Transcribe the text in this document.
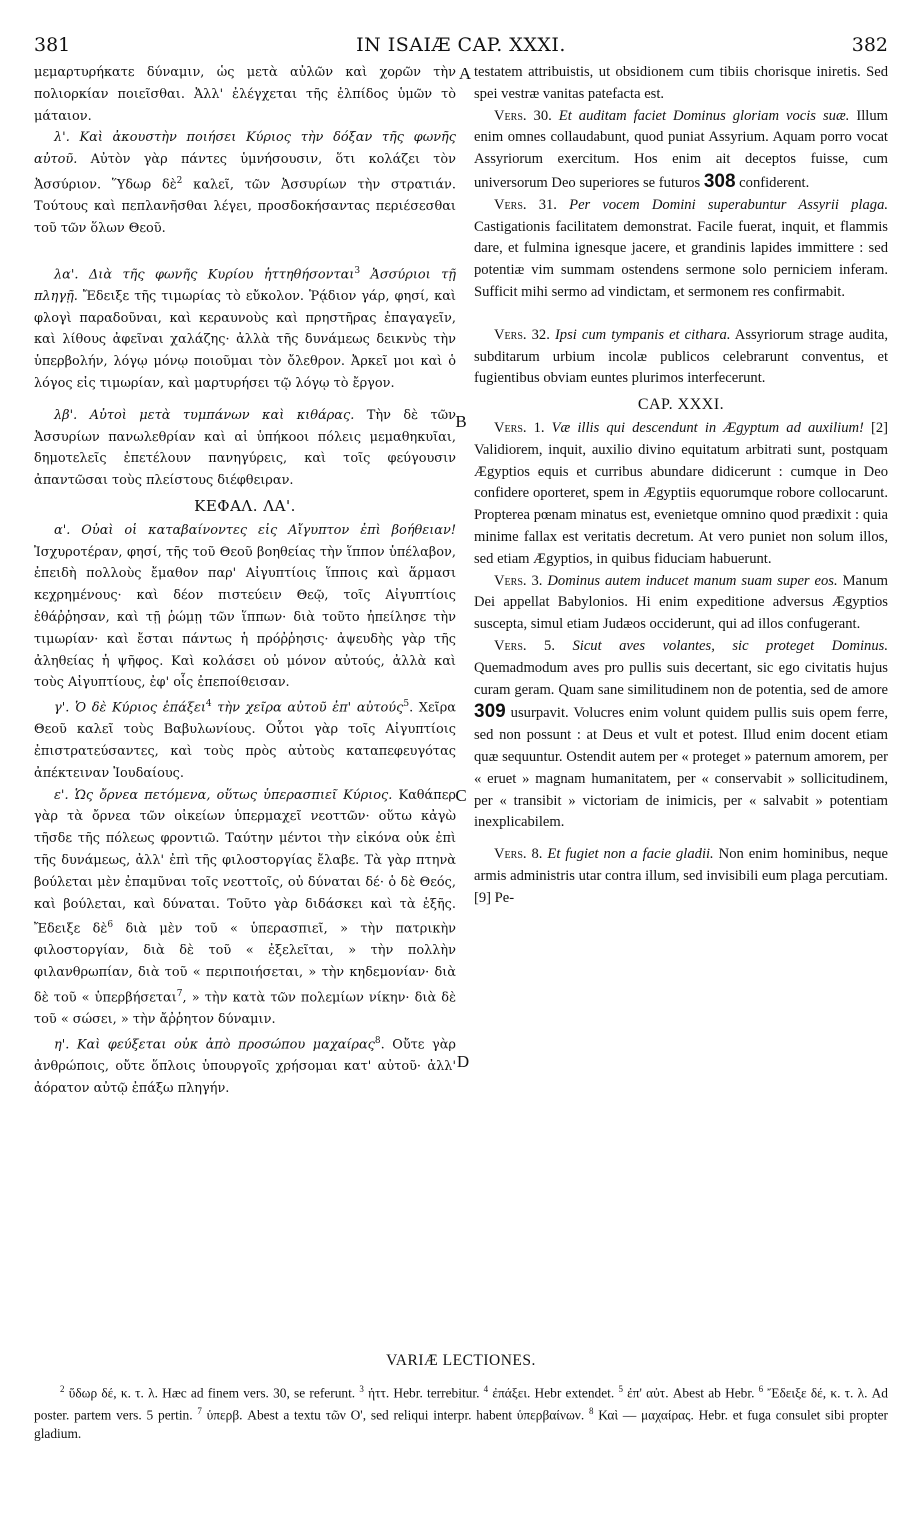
381	IN ISAIÆ CAP. XXXI.	382

μεμαρτυρήκατε δύναμιν, ὡς μετὰ αὐλῶν καὶ χορῶν τὴν πολιορκίαν ποιεῖσθαι. Ἀλλ' ἐλέγχεται τῆς ἐλπίδος ὑμῶν τὸ μάταιον.

λ'. Καὶ ἀκουστὴν ποιήσει Κύριος τὴν δόξαν τῆς φωνῆς αὐτοῦ. Αὐτὸν γὰρ πάντες ὑμνήσουσιν, ὅτι κολάζει τὸν Ἀσσύριον. Ὕδωρ δὲ$^2$ καλεῖ, τῶν Ἀσσυρίων τὴν στρατιάν. Τούτους καὶ πεπλανῆσθαι λέγει, προσδοκήσαντας περιέσεσθαι τοῦ τῶν ὅλων Θεοῦ.

λα'. Διὰ τῆς φωνῆς Κυρίου ἡττηθήσονται$^3$ Ἀσσύριοι τῇ πληγῇ. Ἔδειξε τῆς τιμωρίας τὸ εὔκολον. Ῥᾴδιον γάρ, φησί, καὶ φλογὶ παραδοῦναι, καὶ κεραυνοὺς καὶ πρηστῆρας ἐπαγαγεῖν, καὶ λίθους ἀφεῖναι χαλάζης· ἀλλὰ τῆς δυνάμεως δεικνὺς τὴν ὑπερβολήν, λόγῳ μόνῳ ποιοῦμαι τὸν ὄλεθρον. Ἀρκεῖ μοι καὶ ὁ λόγος εἰς τιμωρίαν, καὶ μαρτυρήσει τῷ λόγῳ τὸ ἔργον.

λβ'. Αὐτοὶ μετὰ τυμπάνων καὶ κιθάρας. Τὴν δὲ τῶν Ἀσσυρίων πανωλεθρίαν καὶ αἱ ὑπήκοοι πόλεις μεμαθηκυῖαι, δημοτελεῖς ἐπετέλουν πανηγύρεις, καὶ τοῖς φεύγουσιν ἀπαντῶσαι τοὺς πλείστους διέφθειραν.

ΚΕΦΑΛ. ΛΑ'.

α'. Οὐαὶ οἱ καταβαίνοντες εἰς Αἴγυπτον ἐπὶ βοήθειαν! Ἰσχυροτέραν, φησί, τῆς τοῦ Θεοῦ βοηθείας τὴν ἵππον ὑπέλαβον, ἐπειδὴ πολλοὺς ἔμαθον παρ' Αἰγυπτίοις ἵπποις καὶ ἅρμασι κεχρημένους· καὶ δέον πιστεύειν Θεῷ, τοῖς Αἰγυπτίοις ἐθάῤῥησαν, καὶ τῇ ῥώμῃ τῶν ἵππων· διὰ τοῦτο ἠπείλησε τὴν τιμωρίαν· καὶ ἔσται πάντως ἡ πρόῤῥησις· ἀψευδὴς γὰρ τῆς ἀληθείας ἡ ψῆφος. Καὶ κολάσει οὐ μόνον αὐτούς, ἀλλὰ καὶ τοὺς Αἰγυπτίους, ἐφ' οἷς ἐπεποίθεισαν.

γ'. Ὁ δὲ Κύριος ἐπάξει$^4$ τὴν χεῖρα αὐτοῦ ἐπ' αὐτούς$^5$. Χεῖρα Θεοῦ καλεῖ τοὺς Βαβυλωνίους. Οὗτοι γὰρ τοῖς Αἰγυπτίοις ἐπιστρατεύσαντες, καὶ τοὺς πρὸς αὐτοὺς καταπεφευγότας ἀπέκτειναν Ἰουδαίους.

ε'. Ὡς ὄρνεα πετόμενα, οὕτως ὑπερασπιεῖ Κύριος. Καθάπερ γὰρ τὰ ὄρνεα τῶν οἰκείων ὑπερμαχεῖ νεοττῶν· οὕτω κἀγὼ τῆσδε τῆς πόλεως φροντιῶ. Ταύτην μέντοι τὴν εἰκόνα οὐκ ἐπὶ τῆς δυνάμεως, ἀλλ' ἐπὶ τῆς φιλοστοργίας ἔλαβε. Τὰ γὰρ πτηνὰ βούλεται μὲν ἐπαμῦναι τοῖς νεοττοῖς, οὐ δύναται δέ· ὁ δὲ Θεός, καὶ βούλεται, καὶ δύναται. Τοῦτο γὰρ διδάσκει καὶ τὰ ἑξῆς. Ἔδειξε δὲ$^6$ διὰ μὲν τοῦ « ὑπερασπιεῖ, » τὴν πατρικὴν φιλοστοργίαν, διὰ δὲ τοῦ « ἐξελεῖται, » τὴν πολλὴν φιλανθρωπίαν, διὰ τοῦ « περιποιήσεται, » τὴν κηδεμονίαν· διὰ δὲ τοῦ « ὑπερβήσεται$^7$, » τὴν κατὰ τῶν πολεμίων νίκην· διὰ δὲ τοῦ « σώσει, » τὴν ἄῤῥητον δύναμιν.

η'. Καὶ φεύξεται οὐκ ἀπὸ προσώπου μαχαίρας$^8$. Οὔτε γὰρ ἀνθρώποις, οὔτε ὅπλοις ὑπουργοῖς χρήσομαι κατ' αὐτοῦ· ἀλλ' ἀόρατον αὐτῷ ἐπάξω πληγήν.

A
B
C
D

testatem attribuistis, ut obsidionem cum tibiis chorisque iniretis. Sed spei vestræ vanitas patefacta est.

Vers. 30. Et auditam faciet Dominus gloriam vocis suæ. Illum enim omnes collaudabunt, quod puniat Assyrium. Aquam porro vocat Assyriorum exercitum. Hos enim ait deceptos fuisse, cum universorum Deo superiores se futuros 308 confiderent.

Vers. 31. Per vocem Domini superabuntur Assyrii plaga. Castigationis facilitatem demonstrat. Facile fuerat, inquit, et flammis dare, et fulmina ignesque jacere, et grandinis lapides immittere : sed potentiæ vim summam ostendens sermone solo perniciem inferam. Sufficit mihi sermo ad vindictam, et sermonem res confirmabit.

Vers. 32. Ipsi cum tympanis et cithara. Assyriorum strage audita, subditarum urbium incolæ publicos celebrarunt conventus, et fugientibus obviam euntes plurimos interfecerunt.

CAP. XXXI.

Vers. 1. Væ illis qui descendunt in Ægyptum ad auxilium! [2] Validiorem, inquit, auxilio divino equitatum arbitrati sunt, postquam Ægyptios equis et curribus abundare didicerunt : cumque in Deo confidere oporteret, spem in Ægyptiis equorumque robore collocarunt. Propterea pœnam minatus est, evenietque omnino quod prædixit : quia minime fallax est veritatis decretum. At vero puniet non solum illos, sed etiam Ægyptios, in quibus fiduciam habuerunt.

Vers. 3. Dominus autem inducet manum suam super eos. Manum Dei appellat Babylonios. Hi enim expeditione adversus Ægyptios suscepta, simul etiam Judæos occiderunt, qui ad illos confugerant.

Vers. 5. Sicut aves volantes, sic proteget Dominus. Quemadmodum aves pro pullis suis decertant, sic ego civitatis hujus curam geram. Quam sane similitudinem non de potentia, sed de amore 309 usurpavit. Volucres enim volunt quidem pullis suis opem ferre, sed non possunt : at Deus et vult et potest. Illud enim docent etiam quæ sequuntur. Ostendit autem per « proteget » paternum amorem, per « eruet » magnam humanitatem, per « conservabit » sollicitudinem, per « transibit » victoriam de inimicis, per « salvabit » potentiam inexplicabilem.

Vers. 8. Et fugiet non a facie gladii. Non enim hominibus, neque armis administris utar contra illum, sed invisibili eum plaga percutiam. [9] Pe-

VARIÆ LECTIONES.
$^2$ ὕδωρ δέ, κ. τ. λ. Hæc ad finem vers. 30, se referunt. $^3$ ἡττ. Hebr. terrebitur. $^4$ ἐπάξει. Hebr extendet. $^5$ ἐπ' αὐτ. Abest ab Hebr. $^6$ Ἔδειξε δέ, κ. τ. λ. Ad poster. partem vers. 5 pertin. $^7$ ὑπερβ. Abest a textu τῶν Ο', sed reliqui interpr. habent ὑπερβαίνων. $^8$ Καὶ — μαχαίρας. Hebr. et fuga consulet sibi propter gladium.
